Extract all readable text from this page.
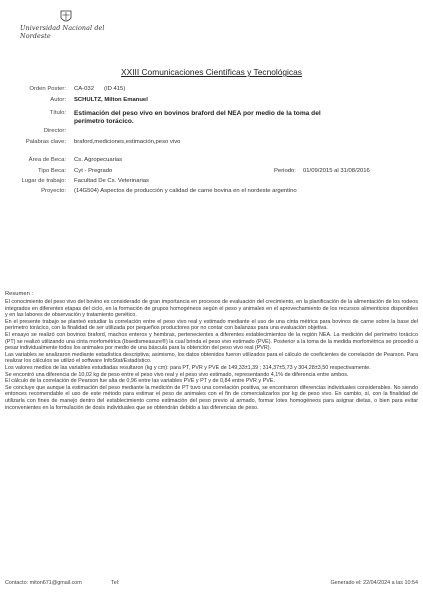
Universidad Nacional del Nordeste
XXIII Comunicaciones Científicas y Tecnológicas
Orden Poster: CA-032 (ID 415)
Autor: SCHULTZ, Milton Emanuel
Título: Estimación del peso vivo en bovinos braford del NEA por medio de la toma del perímetro torácico.
Director:
Palabras clave: braford,mediciones,estimación,peso vivo
Área de Beca: Cs. Agropecuarias
Tipo Beca: Cyt - Pregrado	Periodo: 01/09/2015 al 31/08/2016
Lugar de trabajo: Facultad De Cs. Veterinarias
Proyecto: (14G504) Aspectos de producción y calidad de carne bovina en el nordeste argentino
Resumen :

El conocimiento del peso vivo del bovino es considerado de gran importancia en procesos de evaluación del crecimiento, en la planificación de la alimentación de los rodeos integrados en diferentes etapas del ciclo, en la formación de grupos homogéneos según el peso y animales en el aprovechamiento de los recursos alimenticios disponibles y en las labores de observación y tratamiento genético.

En el presente trabajo se planteó estudiar la correlación entre el peso vivo real y estimado mediante el uso de una cinta métrica para bovinos de carne sobre la base del perímetro torácico, con la finalidad de ser utilizada por pequeños productores por no contar con balanzas para una evaluación objetiva.

El ensayo se realizó con bovinos braford, machos enteros y hembras, pertenecientes a diferentes establecimientos de la región NEA. La medición del perímetro torácico (PT) se realizó utilizando una cinta morfométrica (Ibsedismeasure®) la cual brinda el peso vivo estimado (PVE). Posterior a la toma de la medida morfométrica se procedió a pesar individualmente todos los animales por medio de una báscula para la obtención del peso vivo real (PVR).

Las variables se analizaron mediante estadística descriptiva; asimismo, los datos obtenidos fueron utilizados para el cálculo de coeficientes de correlación de Pearson. Para realizar los cálculos se utilizó el software InfoStat/Estadístico.

Los valores medios de las variables estudiadas resultaron (kg y cm): para PT, PVR y PVE de 149,33±1,39 ; 314,37±5,73 y 304,28±3,50 respectivamente.

Se encontró una diferencia de 10,02 kg de peso entre el peso vivo real y el peso vivo estimado, representando 4,1% de diferencia entre ambos.

El cálculo de la correlación de Pearson fue alta de 0,96 entre las variables PVE y PT y de 0,84 entre PVR y PVE.

Se concluye que aunque la estimación del peso mediante la medición de PT tuvo una correlación positiva, se encontraron diferencias individuales considerables. No siendo entonces recomendable el uso de este método para estimar el peso de animales con el fin de comercializarlos por kg de peso vivo. En cambio, sí, con la finalidad de utilizarla con fines de manejo dentro del establecimiento como estimación del peso previo al armado, formar lotes homogéneos para asignar dietas, o bien para evitar inconvenientes en la formulación de dosis individuales que se obtendrán debido a las diferencias de peso.

Contacto: miton671@gmail.com	Tel:	Generado el: 22/04/2024 a las 10:54
